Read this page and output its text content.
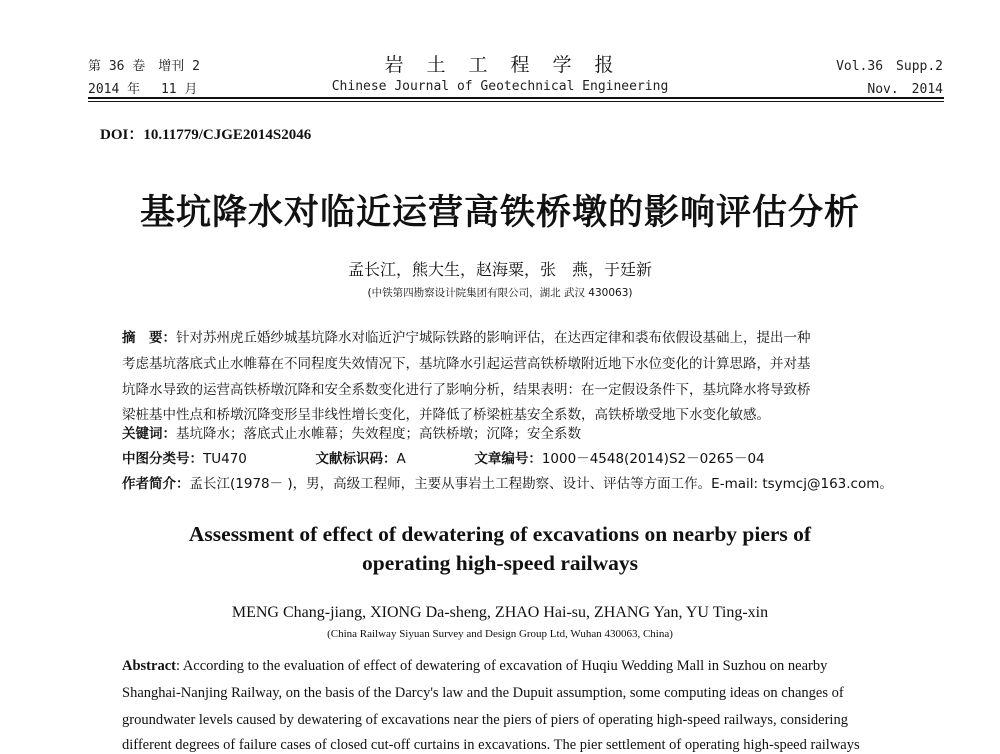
第 36 卷　增刊 2
2014 年　 11 月
岩　土　工　程　学　报
Chinese Journal of Geotechnical Engineering
Vol.36　Supp.2
Nov.　2014
DOI：10.11779/CJGE2014S2046
基坑降水对临近运营高铁桥墩的影响评估分析
孟长江，熊大生，赵海粟，张　燕，于廷新
(中铁第四勘察设计院集团有限公司，湖北 武汉 430063)
摘　要：针对苏州虎丘婚纱城基坑降水对临近沪宁城际铁路的影响评估，在达西定律和裘布依假设基础上，提出一种
考虑基坑落底式止水帷幕在不同程度失效情况下，基坑降水引起运营高铁桥墩附近地下水位变化的计算思路，并对基
坑降水导致的运营高铁桥墩沉降和安全系数变化进行了影响分析，结果表明：在一定假设条件下，基坑降水将导致桥
梁桩基中性点和桥墩沉降变形呈非线性增长变化，并降低了桥梁桩基安全系数，高铁桥墩受地下水变化敏感。
关键词：基坑降水；落底式止水帷幕；失效程度；高铁桥墩；沉降；安全系数
中图分类号：TU470	文献标识码：A	文章编号：1000－4548(2014)S2－0265－04
作者简介：孟长江(1978－ )，男，高级工程师，主要从事岩土工程勘察、设计、评估等方面工作。E-mail: tsymcj@163.com。
Assessment of effect of dewatering of excavations on nearby piers of
operating high-speed railways
MENG Chang-jiang, XIONG Da-sheng, ZHAO Hai-su, ZHANG Yan, YU Ting-xin
(China Railway Siyuan Survey and Design Group Ltd, Wuhan 430063, China)
Abstract: According to the evaluation of effect of dewatering of excavation of Huqiu Wedding Mall in Suzhou on nearby
Shanghai-Nanjing Railway, on the basis of the Darcy's law and the Dupuit assumption, some computing ideas on changes of
groundwater levels caused by dewatering of excavations near the piers of piers of operating high-speed railways, considering
different degrees of failure cases of closed cut-off curtains in excavations. The pier settlement of operating high-speed railways
